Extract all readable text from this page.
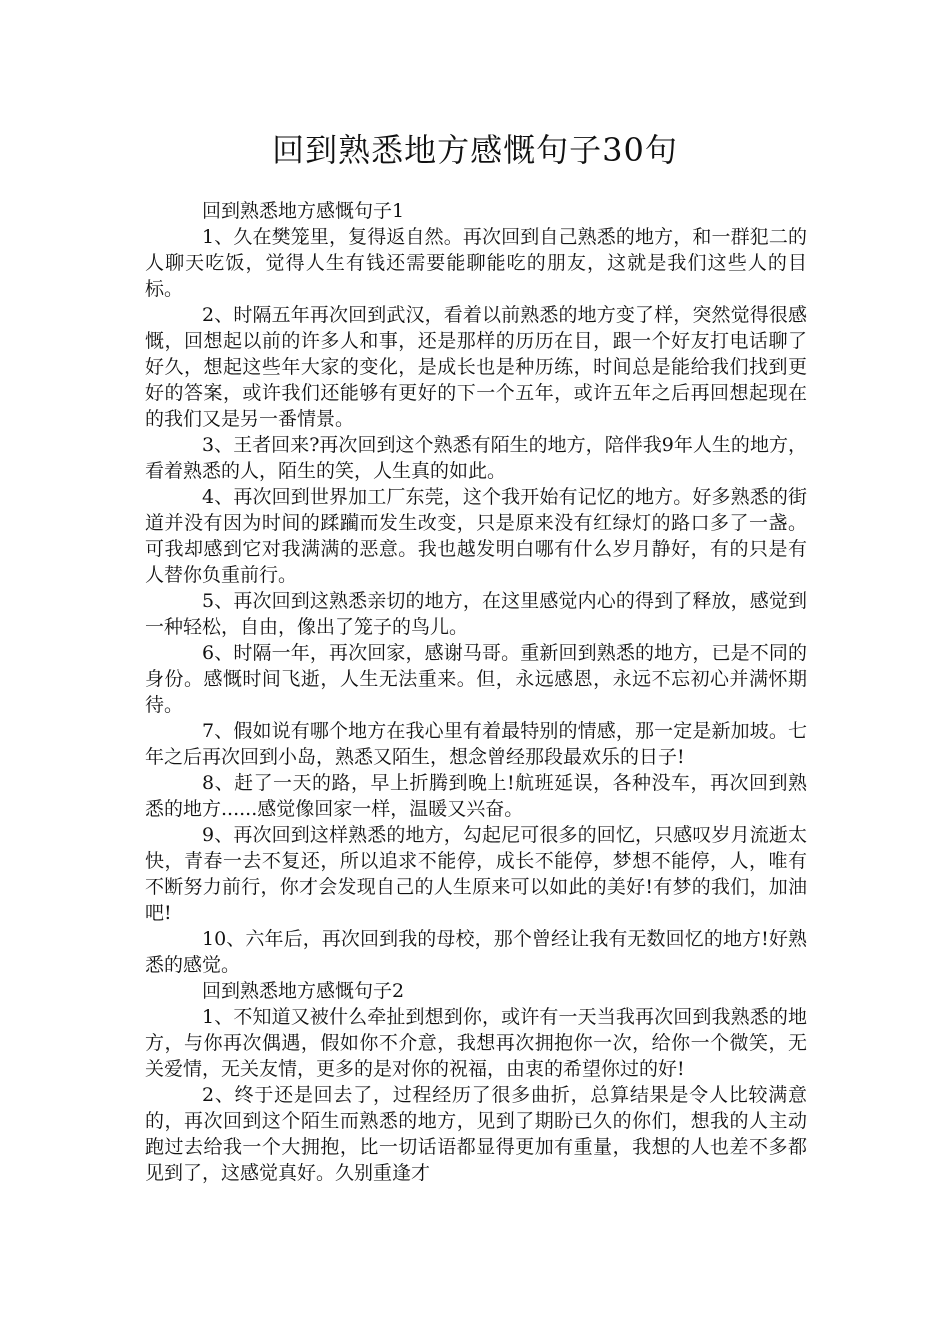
回到熟悉地方感慨句子30句

回到熟悉地方感慨句子1

1、久在樊笼里，复得返自然。再次回到自己熟悉的地方，和一群犯二的人聊天吃饭，觉得人生有钱还需要能聊能吃的朋友，这就是我们这些人的目标。

2、时隔五年再次回到武汉，看着以前熟悉的地方变了样，突然觉得很感慨，回想起以前的许多人和事，还是那样的历历在目，跟一个好友打电话聊了好久，想起这些年大家的变化，是成长也是种历练，时间总是能给我们找到更好的答案，或许我们还能够有更好的下一个五年，或许五年之后再回想起现在的我们又是另一番情景。

3、王者回来?再次回到这个熟悉有陌生的地方，陪伴我9年人生的地方，看着熟悉的人，陌生的笑，人生真的如此。

4、再次回到世界加工厂东莞，这个我开始有记忆的地方。好多熟悉的街道并没有因为时间的蹂躏而发生改变，只是原来没有红绿灯的路口多了一盏。可我却感到它对我满满的恶意。我也越发明白哪有什么岁月静好，有的只是有人替你负重前行。

5、再次回到这熟悉亲切的地方，在这里感觉内心的得到了释放，感觉到一种轻松，自由，像出了笼子的鸟儿。

6、时隔一年，再次回家，感谢马哥。重新回到熟悉的地方，已是不同的身份。感慨时间飞逝，人生无法重来。但，永远感恩，永远不忘初心并满怀期待。

7、假如说有哪个地方在我心里有着最特别的情感，那一定是新加坡。七年之后再次回到小岛，熟悉又陌生，想念曾经那段最欢乐的日子!

8、赶了一天的路，早上折腾到晚上!航班延误，各种没车，再次回到熟悉的地方......感觉像回家一样，温暖又兴奋。

9、再次回到这样熟悉的地方，勾起尼可很多的回忆，只感叹岁月流逝太快，青春一去不复还，所以追求不能停，成长不能停，梦想不能停，人，唯有不断努力前行，你才会发现自己的人生原来可以如此的美好!有梦的我们，加油吧!

10、六年后，再次回到我的母校，那个曾经让我有无数回忆的地方!好熟悉的感觉。

回到熟悉地方感慨句子2

1、不知道又被什么牵扯到想到你，或许有一天当我再次回到我熟悉的地方，与你再次偶遇，假如你不介意，我想再次拥抱你一次，给你一个微笑，无关爱情，无关友情，更多的是对你的祝福，由衷的希望你过的好!

2、终于还是回去了，过程经历了很多曲折，总算结果是令人比较满意的，再次回到这个陌生而熟悉的地方，见到了期盼已久的你们，想我的人主动跑过去给我一个大拥抱，比一切话语都显得更加有重量，我想的人也差不多都见到了，这感觉真好。久别重逢才
